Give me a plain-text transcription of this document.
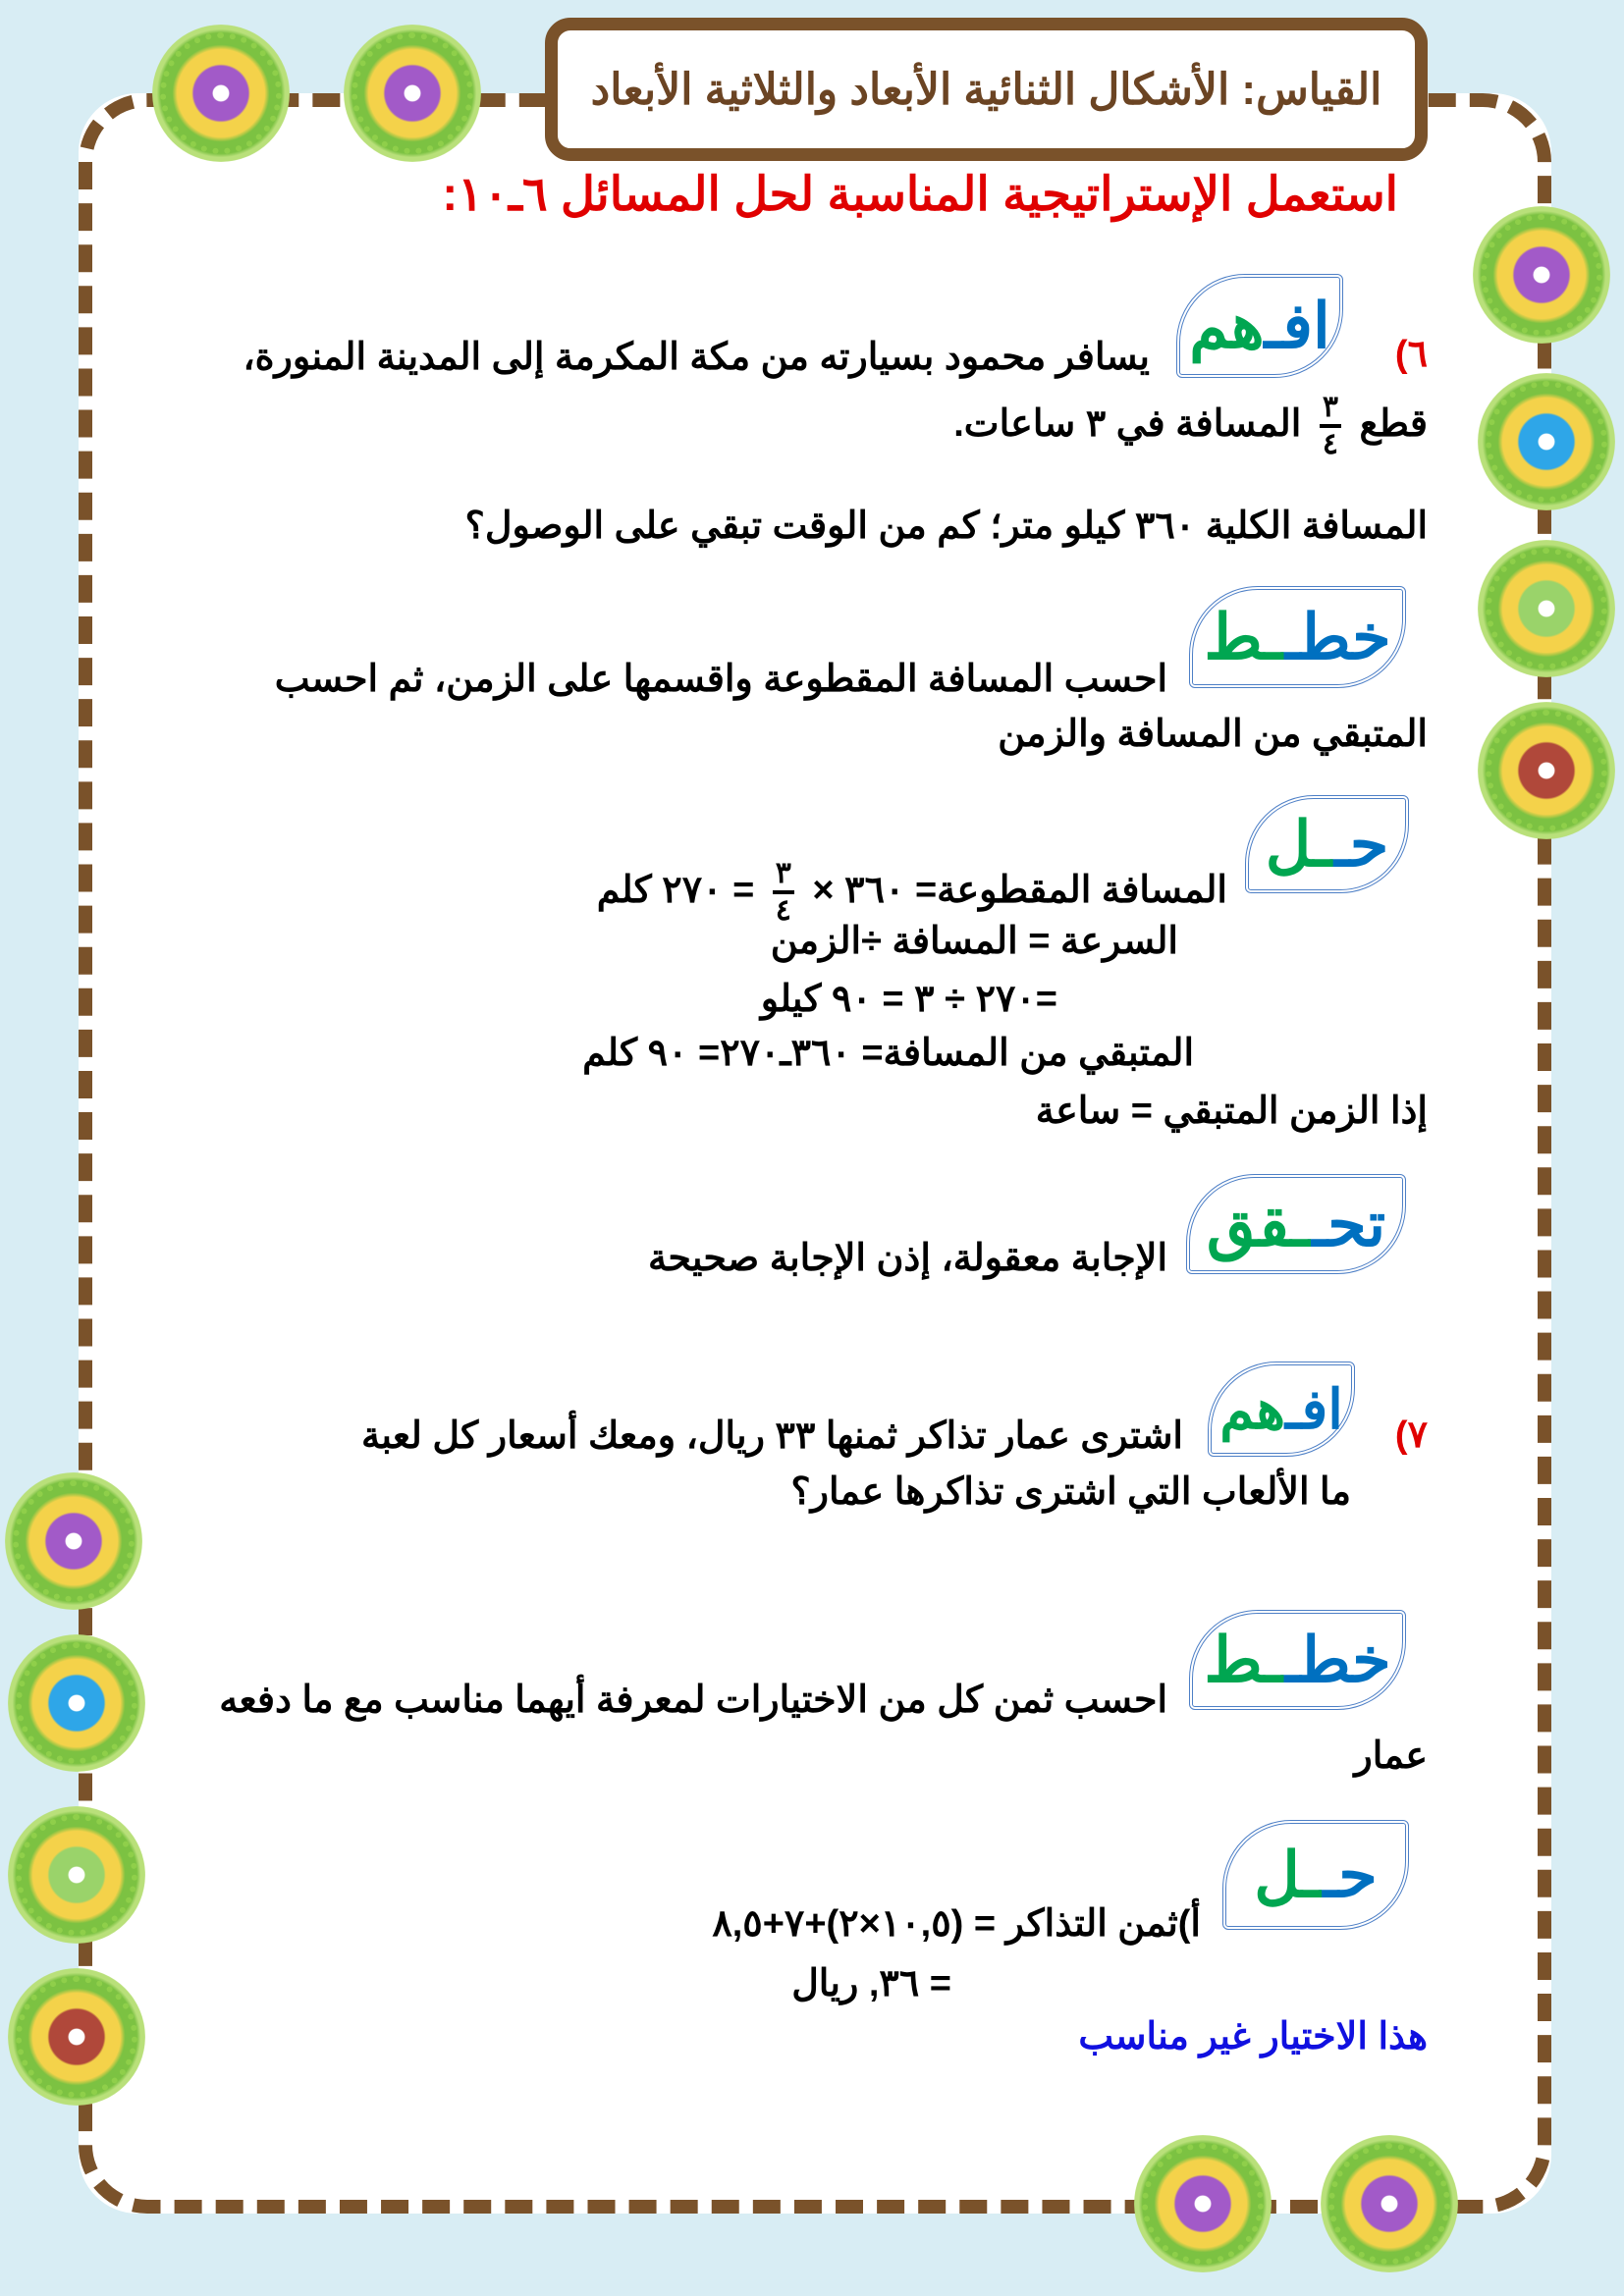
القياس: الأشكال الثنائية الأبعاد والثلاثية الأبعاد
استعمل الإستراتيجية المناسبة لحل المسائل ٦ـ١٠:
٦)
افـ
هم
يسافر محمود بسيارته من مكة المكرمة إلى المدينة المنورة،
قطع
$\frac{٣}{٤}$
المسافة في ٣ ساعات.
المسافة الكلية ٣٦٠ كيلو متر؛ كم من الوقت تبقي على الوصول؟
خطـ
ـط
احسب المسافة المقطوعة واقسمها على الزمن، ثم احسب
المتبقي من المسافة والزمن
حـ
ـل
المسافة المقطوعة= ٣٦٠ ×
$\frac{٣}{٤}$
= ٢٧٠ كلم
السرعة = المسافة ÷الزمن
=٢٧٠ ÷ ٣ = ٩٠ كيلو
المتبقي من المسافة= ٣٦٠ـ٢٧٠= ٩٠ كلم
إذا الزمن المتبقي = ساعة
تحـ
ـقق
الإجابة معقولة، إذن الإجابة صحيحة
٧)
افـ
هم
اشترى عمار تذاكر ثمنها ٣٣ ريال، ومعك أسعار كل لعبة
ما الألعاب التي اشترى تذاكرها عمار؟
خطـ
ـط
احسب ثمن كل من الاختيارات لمعرفة أيهما مناسب مع ما دفعه
عمار
حـ
ـل
أ)ثمن التذاكر = (١٠,٥×٢)+٧+٨,٥
= ٣٦, ريال
هذا الاختيار غير مناسب
